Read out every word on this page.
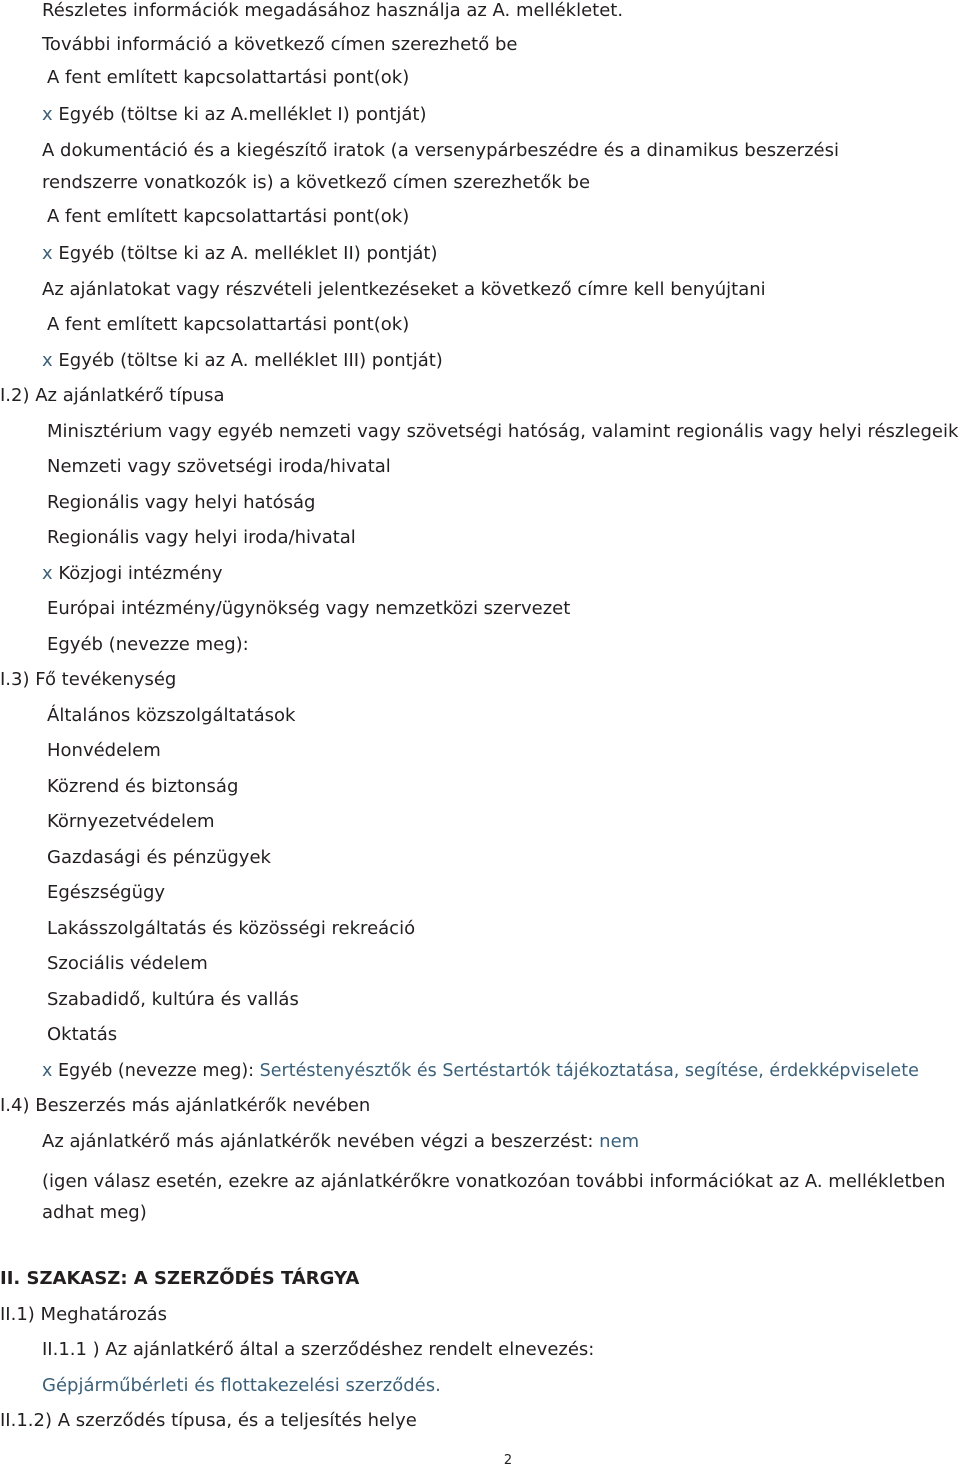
Részletes információk megadásához használja az A. mellékletet.
További információ a következő címen szerezhető be
A fent említett kapcsolattartási pont(ok)
x Egyéb (töltse ki az A.melléklet I) pontját)
A dokumentáció és a kiegészítő iratok (a versenypárbeszédre és a dinamikus beszerzési
rendszerre vonatkozók is) a következő címen szerezhetők be
A fent említett kapcsolattartási pont(ok)
x Egyéb (töltse ki az A. melléklet II) pontját)
Az ajánlatokat vagy részvételi jelentkezéseket a következő címre kell benyújtani
A fent említett kapcsolattartási pont(ok)
x Egyéb (töltse ki az A. melléklet III) pontját)
I.2) Az ajánlatkérő típusa
Minisztérium vagy egyéb nemzeti vagy szövetségi hatóság, valamint regionális vagy helyi részlegeik
Nemzeti vagy szövetségi iroda/hivatal
Regionális vagy helyi hatóság
Regionális vagy helyi iroda/hivatal
x Közjogi intézmény
Európai intézmény/ügynökség vagy nemzetközi szervezet
Egyéb (nevezze meg):
I.3) Fő tevékenység
Általános közszolgáltatások
Honvédelem
Közrend és biztonság
Környezetvédelem
Gazdasági és pénzügyek
Egészségügy
Lakásszolgáltatás és közösségi rekreáció
Szociális védelem
Szabadidő, kultúra és vallás
Oktatás
x Egyéb (nevezze meg): Sertéstenyésztők és Sertéstartók tájékoztatása, segítése, érdekképviselete
I.4) Beszerzés más ajánlatkérők nevében
Az ajánlatkérő más ajánlatkérők nevében végzi a beszerzést: nem
(igen válasz esetén, ezekre az ajánlatkérőkre vonatkozóan további információkat az A. mellékletben adhat meg)
II. SZAKASZ: A SZERZŐDÉS TÁRGYA
II.1) Meghatározás
II.1.1 ) Az ajánlatkérő által a szerződéshez rendelt elnevezés:
Gépjárműbérleti és flottakezelési szerződés.
II.1.2) A szerződés típusa, és a teljesítés helye
2
